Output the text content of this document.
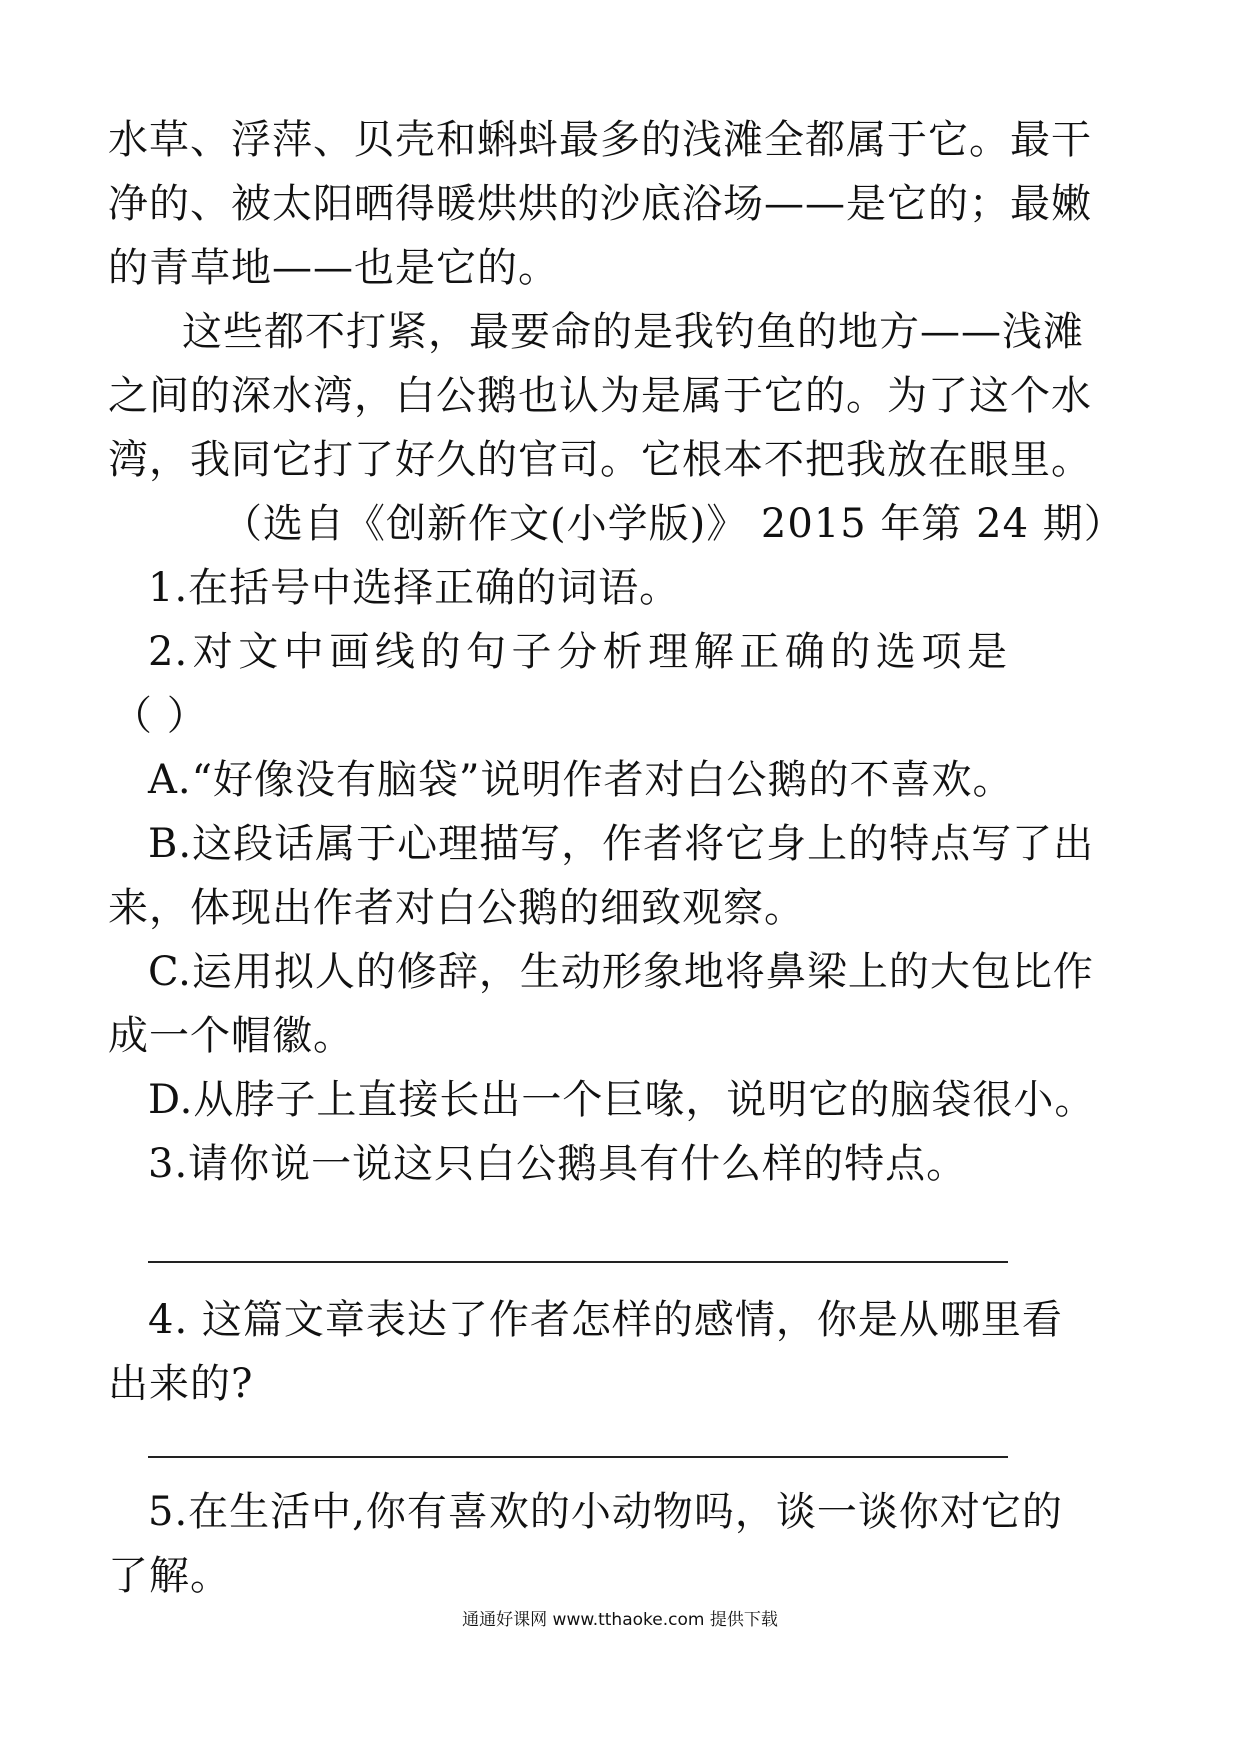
水草、浮萍、贝壳和蝌蚪最多的浅滩全都属于它。最干
净的、被太阳晒得暖烘烘的沙底浴场——是它的；最嫩
的青草地——也是它的。
这些都不打紧，最要命的是我钓鱼的地方——浅滩
之间的深水湾，白公鹅也认为是属于它的。为了这个水
湾，我同它打了好久的官司。它根本不把我放在眼里。
（选自《创新作文(小学版)》 2015 年第 24 期）
1.在括号中选择正确的词语。
2.对文中画线的句子分析理解正确的选项是
（ ）
A.“好像没有脑袋”说明作者对白公鹅的不喜欢。
B.这段话属于心理描写，作者将它身上的特点写了出
来，体现出作者对白公鹅的细致观察。
C.运用拟人的修辞，生动形象地将鼻梁上的大包比作
成一个帽徽。
D.从脖子上直接长出一个巨喙，说明它的脑袋很小。
3.请你说一说这只白公鹅具有什么样的特点。
4. 这篇文章表达了作者怎样的感情，你是从哪里看
出来的?
5.在生活中,你有喜欢的小动物吗，谈一谈你对它的
了解。
通通好课网 www.tthaoke.com 提供下载
